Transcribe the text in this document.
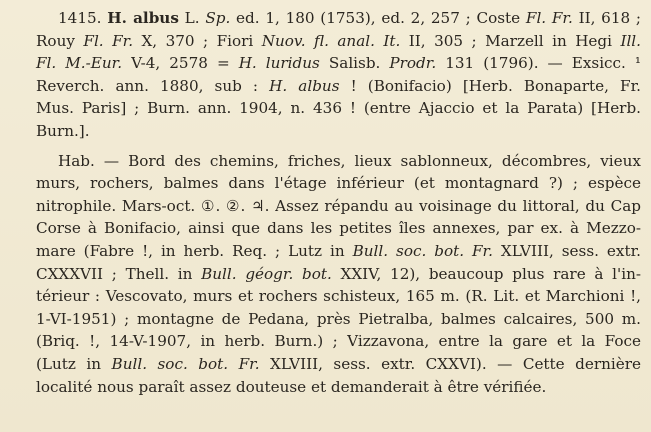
1415. H. albus L. Sp. ed. 1, 180 (1753), ed. 2, 257 ; Coste Fl. Fr. II, 618 ;
Rouy Fl. Fr. X, 370 ; Fiori Nuov. fl. anal. It. II, 305 ; Marzell in Hegi Ill.
Fl. M.-Eur. V-4, 2578 = H. luridus Salisb. Prodr. 131 (1796). — Exsicc. ¹
Reverch. ann. 1880, sub : H. albus ! (Bonifacio) [Herb. Bonaparte, Fr.
Mus. Paris] ; Burn. ann. 1904, n. 436 ! (entre Ajaccio et la Parata) [Herb.
Burn.].
Hab. — Bord des chemins, friches, lieux sablonneux, décombres, vieux
murs, rochers, balmes dans l'étage inférieur (et montagnard ?) ; espèce
nitrophile. Mars-oct. ①. ②. ♃. Assez répandu au voisinage du littoral, du Cap
Corse à Bonifacio, ainsi que dans les petites îles annexes, par ex. à Mezzo-
mare (Fabre !, in herb. Req. ; Lutz in Bull. soc. bot. Fr. XLVIII, sess. extr.
CXXXVII ; Thell. in Bull. géogr. bot. XXIV, 12), beaucoup plus rare à l'in-
térieur : Vescovato, murs et rochers schisteux, 165 m. (R. Lit. et Marchioni !,
1-VI-1951) ; montagne de Pedana, près Pietralba, balmes calcaires, 500 m.
(Briq. !, 14-V-1907, in herb. Burn.) ; Vizzavona, entre la gare et la Foce
(Lutz in Bull. soc. bot. Fr. XLVIII, sess. extr. CXXVI). — Cette dernière
localité nous paraît assez douteuse et demanderait à être vérifiée.
